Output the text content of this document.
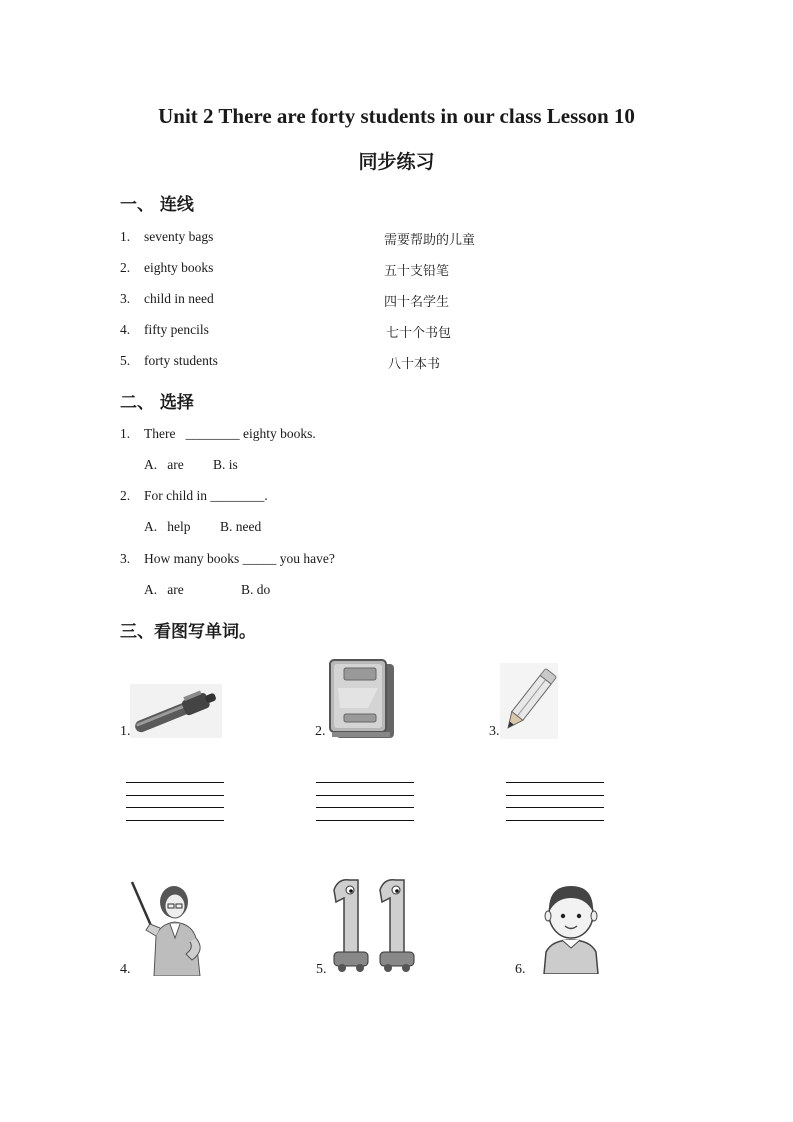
Unit 2 There are forty students in our class Lesson 10
同步练习
一、 连线
1. seventy bags	需要帮助的儿童
2. eighty books	五十支铅笔
3. child in need	四十名学生
4. fifty pencils	七十个书包
5. forty students	八十本书
二、 选择
1. There   ________ eighty books.
A.   are B. is
2. For child in ________.
A.   help B. need
3. How many books _____ you have?
A.   are	B. do
三、看图写单词。
1.	2.	3.
4.	5.	6.
